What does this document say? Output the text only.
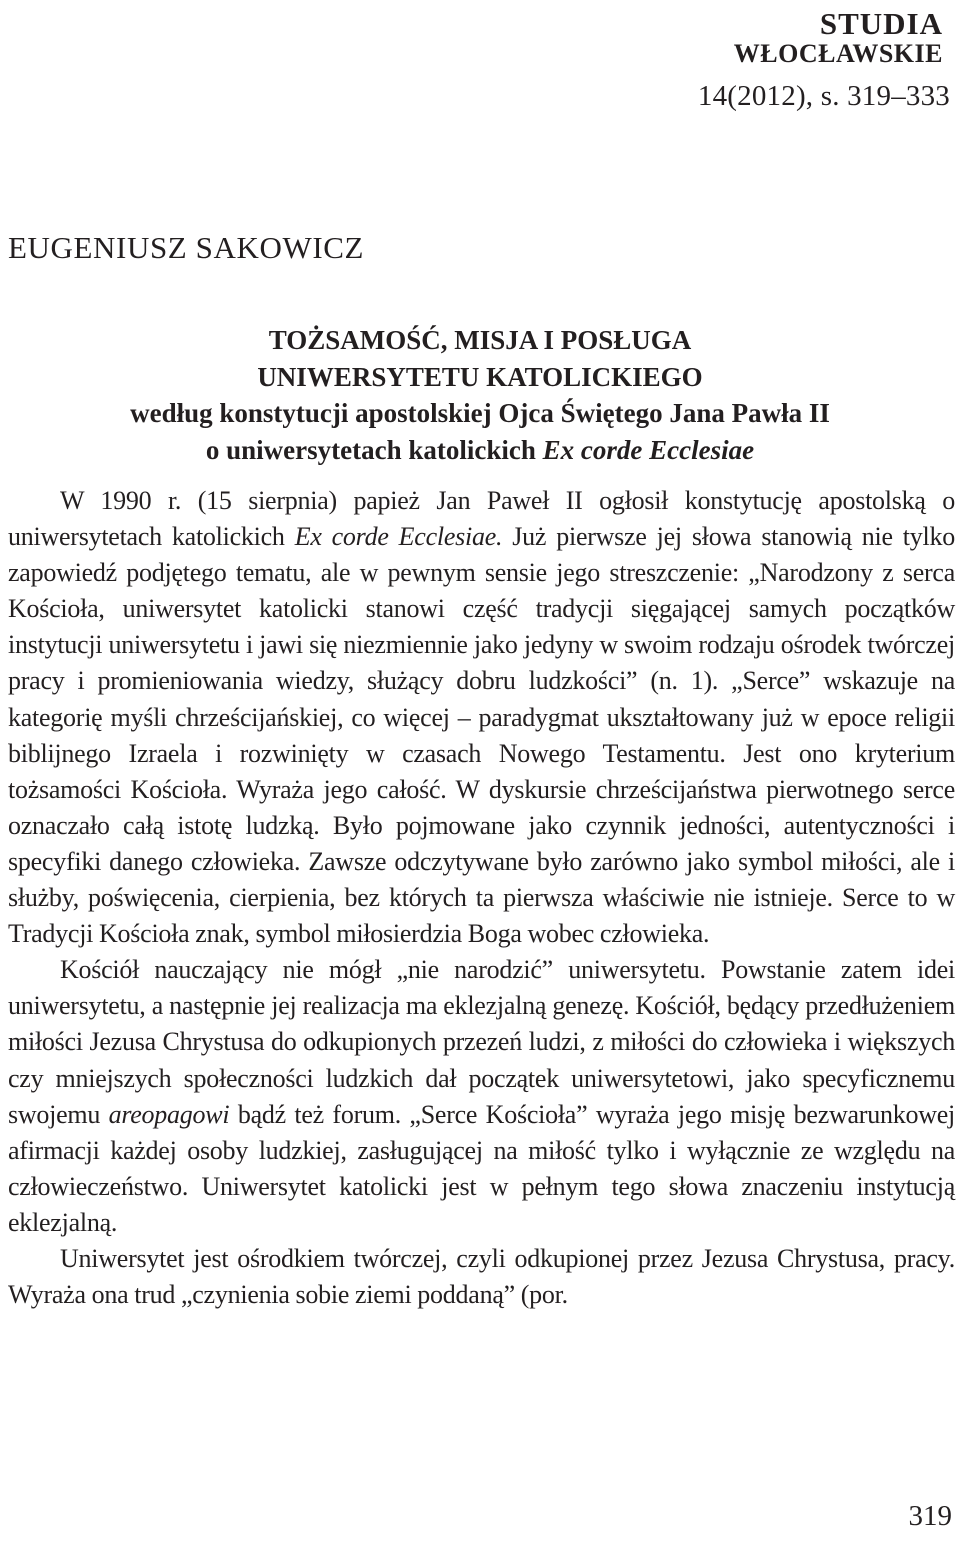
STUDIA
WŁOCŁAWSKIE
14(2012), s. 319–333
EUGENIUSZ SAKOWICZ
TOŻSAMOŚĆ, MISJA I POSŁUGA
UNIWERSYTETU KATOLICKIEGO
według konstytucji apostolskiej Ojca Świętego Jana Pawła II
o uniwersytetach katolickich Ex corde Ecclesiae

W 1990 r. (15 sierpnia) papież Jan Paweł II ogłosił konstytucję apostolską o uniwersytetach katolickich Ex corde Ecclesiae. Już pierwsze jej słowa stanowią nie tylko zapowiedź podjętego tematu, ale w pewnym sensie jego streszczenie: „Narodzony z serca Kościoła, uniwersytet katolicki stanowi część tradycji sięgającej samych początków instytucji uniwersytetu i jawi się niezmiennie jako jedyny w swoim rodzaju ośrodek twórczej pracy i promieniowania wiedzy, służący dobru ludzkości” (n. 1). „Serce” wskazuje na kategorię myśli chrześcijańskiej, co więcej – paradygmat ukształtowany już w epoce religii biblijnego Izraela i rozwinięty w czasach Nowego Testamentu. Jest ono kryterium tożsamości Kościoła. Wyraża jego całość. W dyskursie chrześcijaństwa pierwotnego serce oznaczało całą istotę ludzką. Było pojmowane jako czynnik jedności, autentyczności i specyfiki danego człowieka. Zawsze odczytywane było zarówno jako symbol miłości, ale i służby, poświęcenia, cierpienia, bez których ta pierwsza właściwie nie istnieje. Serce to w Tradycji Kościoła znak, symbol miłosierdzia Boga wobec człowieka.

Kościół nauczający nie mógł „nie narodzić” uniwersytetu. Powstanie zatem idei uniwersytetu, a następnie jej realizacja ma eklezjalną genezę. Kościół, będący przedłużeniem miłości Jezusa Chrystusa do odkupionych przezeń ludzi, z miłości do człowieka i większych czy mniejszych społeczności ludzkich dał początek uniwersytetowi, jako specyficznemu swojemu areopagowi bądź też forum. „Serce Kościoła” wyraża jego misję bezwarunkowej afirmacji każdej osoby ludzkiej, zasługującej na miłość tylko i wyłącznie ze względu na człowieczeństwo. Uniwersytet katolicki jest w pełnym tego słowa znaczeniu instytucją eklezjalną.

Uniwersytet jest ośrodkiem twórczej, czyli odkupionej przez Jezusa Chrystusa, pracy. Wyraża ona trud „czynienia sobie ziemi poddaną” (por.

319
